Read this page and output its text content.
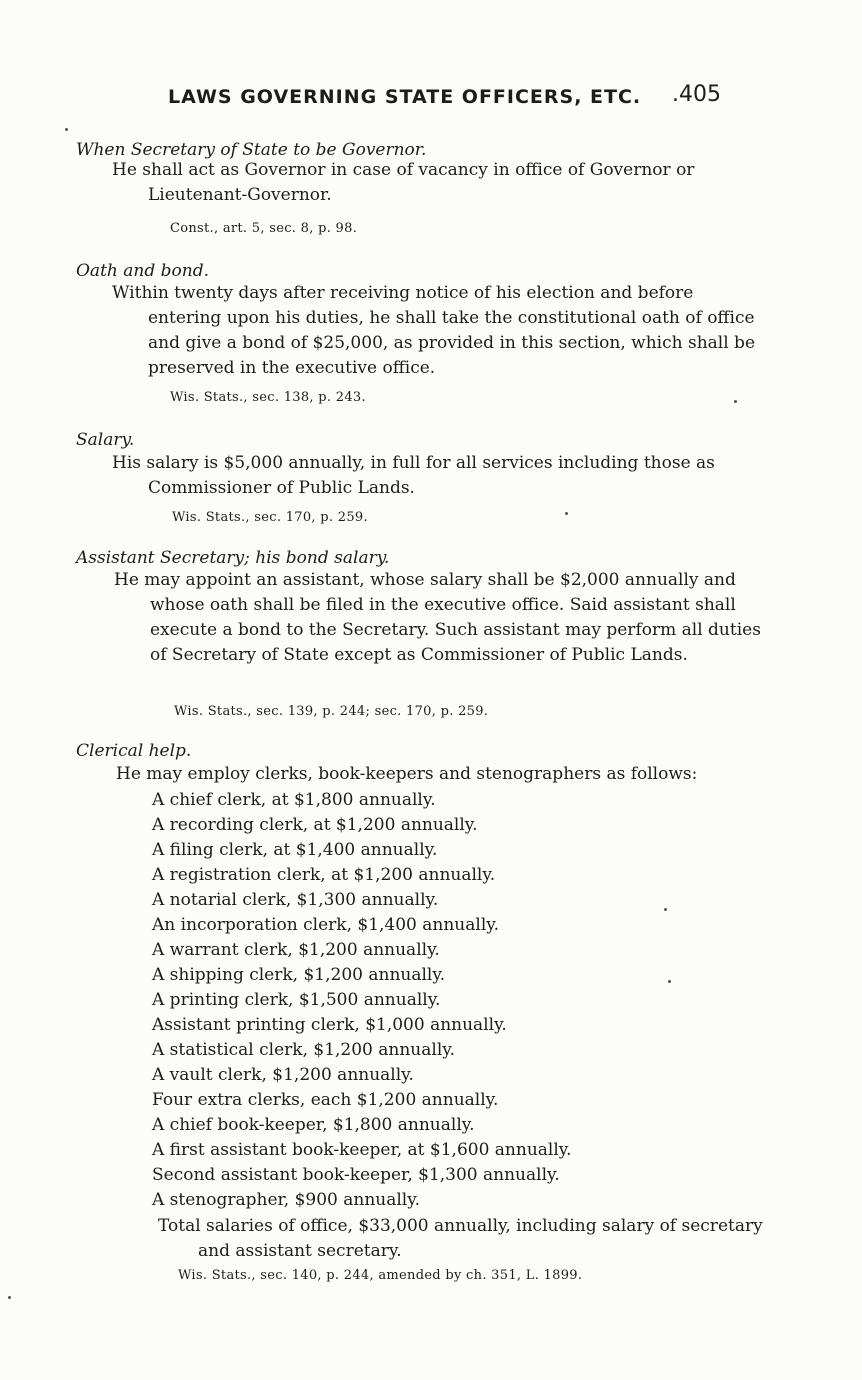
LAWS GOVERNING STATE OFFICERS, ETC. .405
When Secretary of State to be Governor.
He shall act as Governor in case of vacancy in office of Governor or Lieutenant-Governor.
Const., art. 5, sec. 8, p. 98.
Oath and bond.
Within twenty days after receiving notice of his election and before entering upon his duties, he shall take the constitutional oath of office and give a bond of $25,000, as provided in this section, which shall be preserved in the executive office.
Wis. Stats., sec. 138, p. 243.
Salary.
His salary is $5,000 annually, in full for all services including those as Commissioner of Public Lands.
Wis. Stats., sec. 170, p. 259.
Assistant Secretary; his bond salary.
He may appoint an assistant, whose salary shall be $2,000 annually and whose oath shall be filed in the executive office. Said assistant shall execute a bond to the Secretary. Such assistant may perform all duties of Secretary of State except as Commissioner of Public Lands.
Wis. Stats., sec. 139, p. 244; sec. 170, p. 259.
Clerical help.
He may employ clerks, book-keepers and stenographers as follows:
A chief clerk, at $1,800 annually.
A recording clerk, at $1,200 annually.
A filing clerk, at $1,400 annually.
A registration clerk, at $1,200 annually.
A notarial clerk, $1,300 annually.
An incorporation clerk, $1,400 annually.
A warrant clerk, $1,200 annually.
A shipping clerk, $1,200 annually.
A printing clerk, $1,500 annually.
Assistant printing clerk, $1,000 annually.
A statistical clerk, $1,200 annually.
A vault clerk, $1,200 annually.
Four extra clerks, each $1,200 annually.
A chief book-keeper, $1,800 annually.
A first assistant book-keeper, at $1,600 annually.
Second assistant book-keeper, $1,300 annually.
A stenographer, $900 annually.
Total salaries of office, $33,000 annually, including salary of secretary and assistant secretary.
Wis. Stats., sec. 140, p. 244, amended by ch. 351, L. 1899.
